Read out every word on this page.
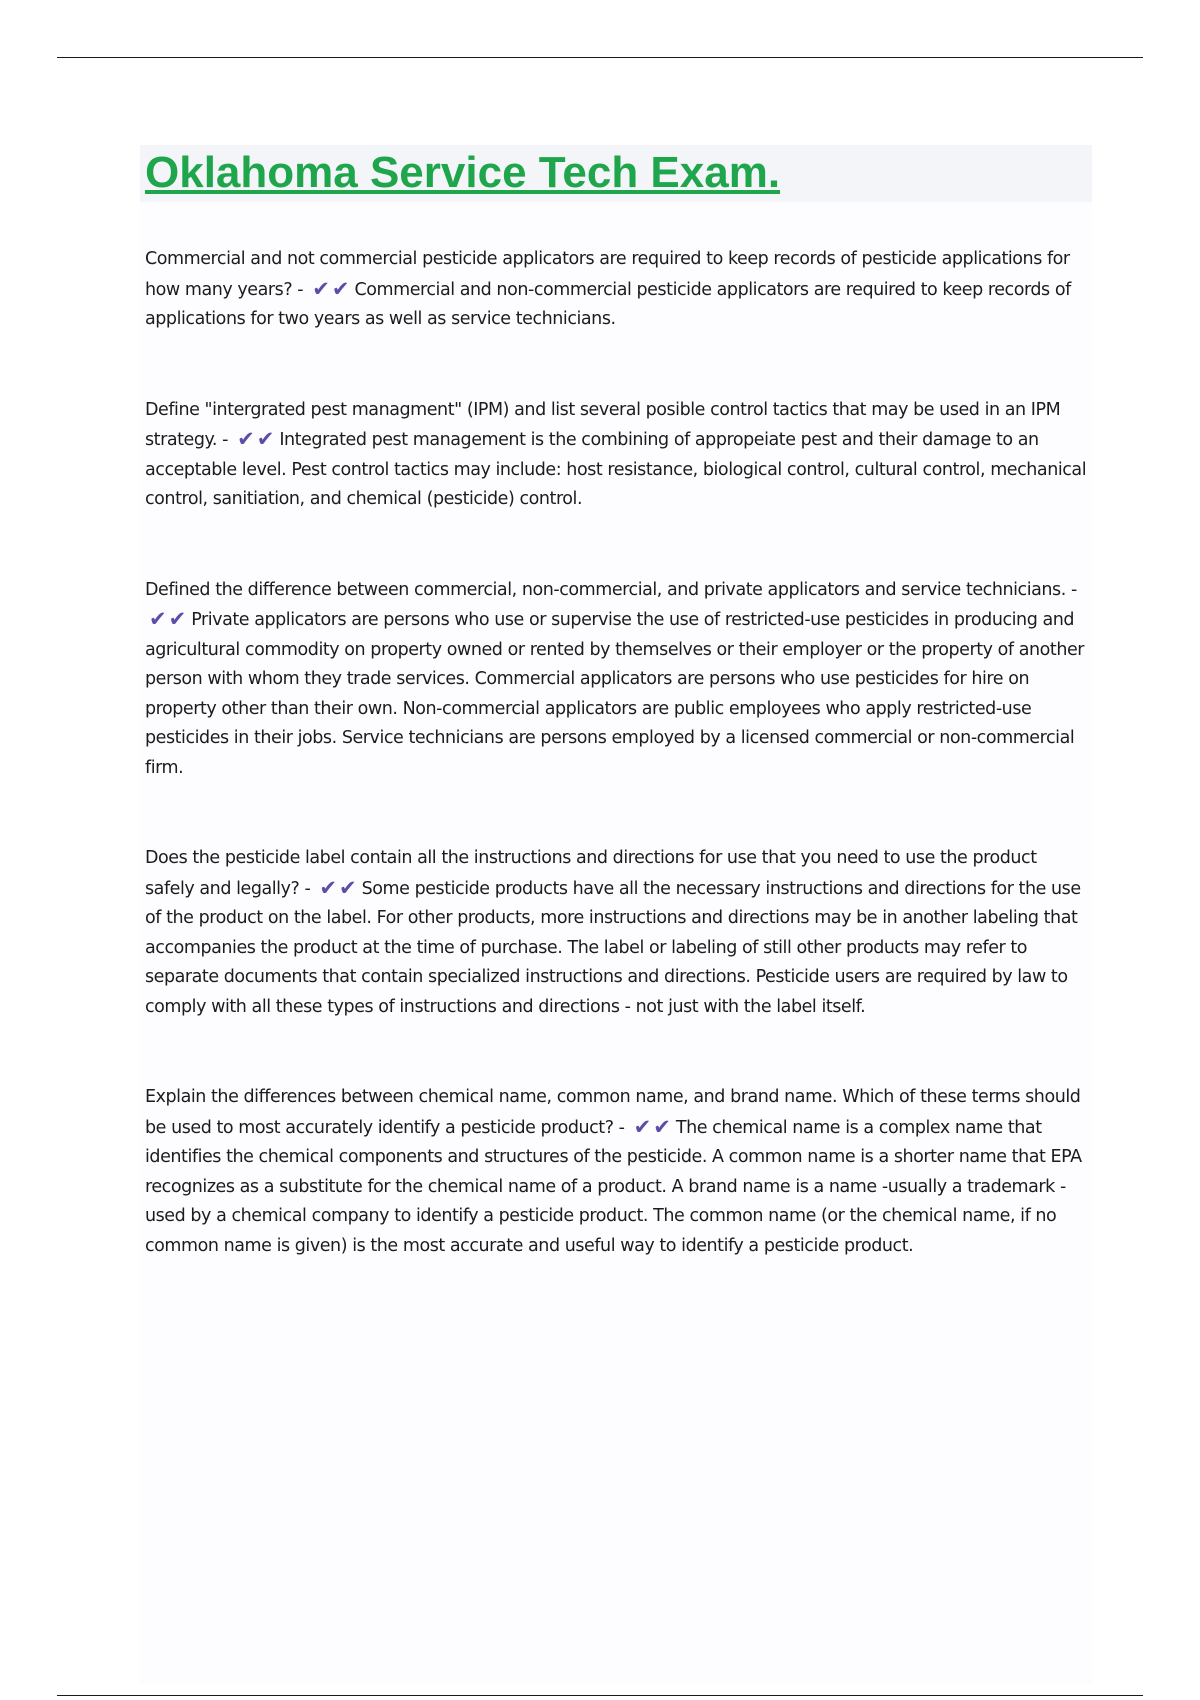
Oklahoma Service Tech Exam.

Commercial and not commercial pesticide applicators are required to keep records of pesticide applications for how many years? - ✔✔ Commercial and non-commercial pesticide applicators are required to keep records of applications for two years as well as service technicians.

Define "intergrated pest managment" (IPM) and list several posible control tactics that may be used in an IPM strategy. - ✔✔ Integrated pest management is the combining of appropeiate pest and their damage to an acceptable level. Pest control tactics may include: host resistance, biological control, cultural control, mechanical control, sanitiation, and chemical (pesticide) control.

Defined the difference between commercial, non-commercial, and private applicators and service technicians. - ✔✔ Private applicators are persons who use or supervise the use of restricted-use pesticides in producing and agricultural commodity on property owned or rented by themselves or their employer or the property of another person with whom they trade services. Commercial applicators are persons who use pesticides for hire on property other than their own. Non-commercial applicators are public employees who apply restricted-use pesticides in their jobs. Service technicians are persons employed by a licensed commercial or non-commercial firm.

Does the pesticide label contain all the instructions and directions for use that you need to use the product safely and legally? - ✔✔ Some pesticide products have all the necessary instructions and directions for the use of the product on the label. For other products, more instructions and directions may be in another labeling that accompanies the product at the time of purchase. The label or labeling of still other products may refer to separate documents that contain specialized instructions and directions. Pesticide users are required by law to comply with all these types of instructions and directions - not just with the label itself.

Explain the differences between chemical name, common name, and brand name. Which of these terms should be used to most accurately identify a pesticide product? - ✔✔ The chemical name is a complex name that identifies the chemical components and structures of the pesticide. A common name is a shorter name that EPA recognizes as a substitute for the chemical name of a product. A brand name is a name -usually a trademark - used by a chemical company to identify a pesticide product. The common name (or the chemical name, if no common name is given) is the most accurate and useful way to identify a pesticide product.
